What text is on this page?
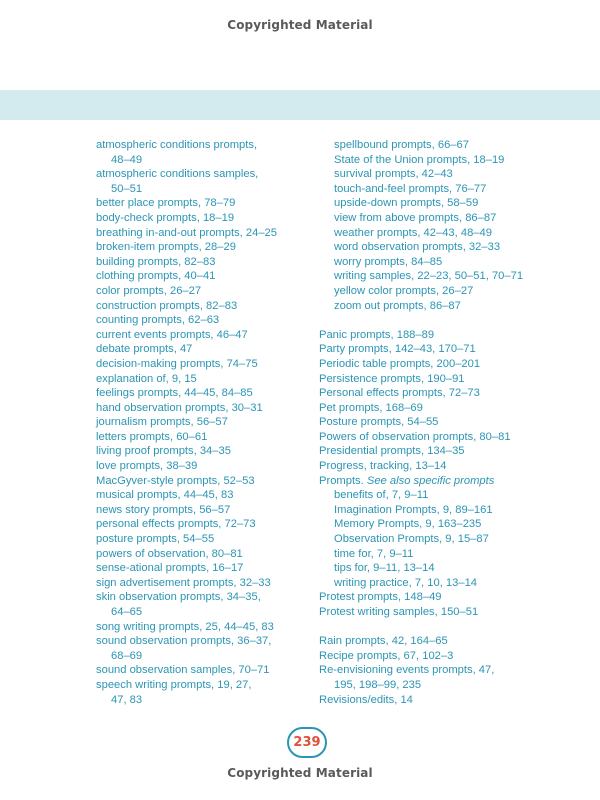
Copyrighted Material
atmospheric conditions prompts,
48–49
atmospheric conditions samples,
50–51
better place prompts, 78–79
body-check prompts, 18–19
breathing in-and-out prompts, 24–25
broken-item prompts, 28–29
building prompts, 82–83
clothing prompts, 40–41
color prompts, 26–27
construction prompts, 82–83
counting prompts, 62–63
current events prompts, 46–47
debate prompts, 47
decision-making prompts, 74–75
explanation of, 9, 15
feelings prompts, 44–45, 84–85
hand observation prompts, 30–31
journalism prompts, 56–57
letters prompts, 60–61
living proof prompts, 34–35
love prompts, 38–39
MacGyver-style prompts, 52–53
musical prompts, 44–45, 83
news story prompts, 56–57
personal effects prompts, 72–73
posture prompts, 54–55
powers of observation, 80–81
sense-ational prompts, 16–17
sign advertisement prompts, 32–33
skin observation prompts, 34–35,
64–65
song writing prompts, 25, 44–45, 83
sound observation prompts, 36–37,
68–69
sound observation samples, 70–71
speech writing prompts, 19, 27,
47, 83
spellbound prompts, 66–67
State of the Union prompts, 18–19
survival prompts, 42–43
touch-and-feel prompts, 76–77
upside-down prompts, 58–59
view from above prompts, 86–87
weather prompts, 42–43, 48–49
word observation prompts, 32–33
worry prompts, 84–85
writing samples, 22–23, 50–51, 70–71
yellow color prompts, 26–27
zoom out prompts, 86–87
Panic prompts, 188–89
Party prompts, 142–43, 170–71
Periodic table prompts, 200–201
Persistence prompts, 190–91
Personal effects prompts, 72–73
Pet prompts, 168–69
Posture prompts, 54–55
Powers of observation prompts, 80–81
Presidential prompts, 134–35
Progress, tracking, 13–14
Prompts. See also specific prompts
benefits of, 7, 9–11
Imagination Prompts, 9, 89–161
Memory Prompts, 9, 163–235
Observation Prompts, 9, 15–87
time for, 7, 9–11
tips for, 9–11, 13–14
writing practice, 7, 10, 13–14
Protest prompts, 148–49
Protest writing samples, 150–51
Rain prompts, 42, 164–65
Recipe prompts, 67, 102–3
Re-envisioning events prompts, 47,
195, 198–99, 235
Revisions/edits, 14
239
Copyrighted Material
